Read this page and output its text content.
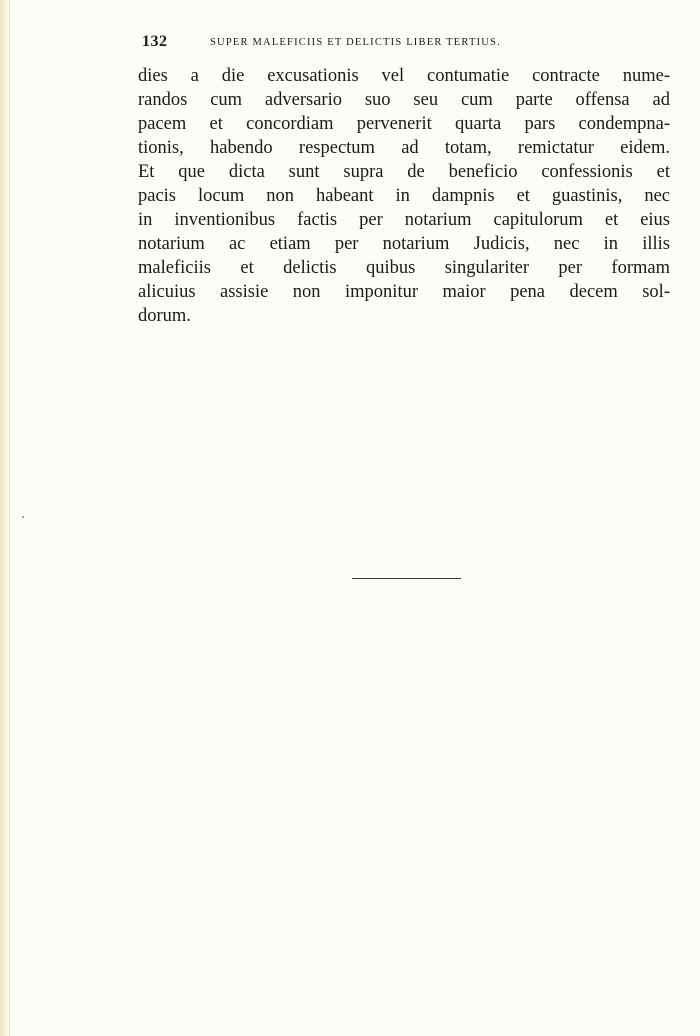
132	SUPER MALEFICIIS ET DELICTIS LIBER TERTIUS.
dies a die excusationis vel contumatie contracte nume-
randos cum adversario suo seu cum parte offensa ad
pacem et concordiam pervenerit quarta pars condempna-
tionis, habendo respectum ad totam, remictatur eidem.
Et que dicta sunt supra de beneficio confessionis et
pacis locum non habeant in dampnis et guastinis, nec
in inventionibus factis per notarium capitulorum et eius
notarium ac etiam per notarium Judicis, nec in illis
maleficiis et delictis quibus singulariter per formam
alicuius assisie non imponitur maior pena decem sol-
dorum.
